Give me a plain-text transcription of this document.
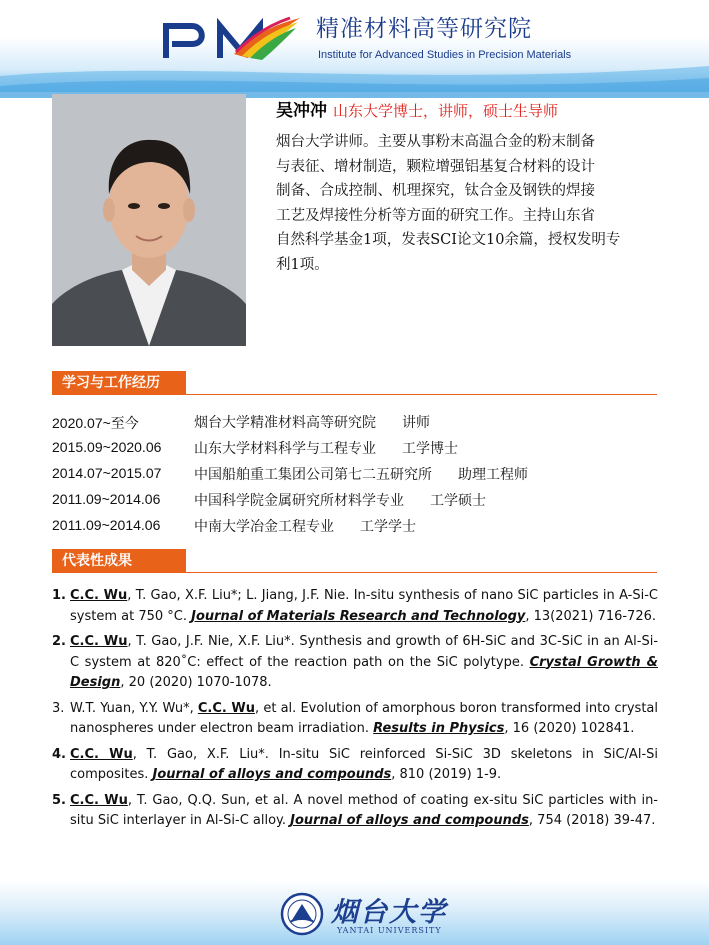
PM
精准材料高等研究院
Institute for Advanced Studies in Precision Materials
吴冲冲 山东大学博士，讲师，硕士生导师

烟台大学讲师。主要从事粉末高温合金的粉末制备

与表征、增材制造，颗粒增强铝基复合材料的设计

制备、合成控制、机理探究，钛合金及钢铁的焊接

工艺及焊接性分析等方面的研究工作。主持山东省

自然科学基金1项，发表SCI论文10余篇，授权发明专

利1项。

学习与工作经历
2020.07~至今	烟台大学精准材料高等研究院 讲师
2015.09~2020.06 山东大学材料科学与工程专业 工学博士
2014.07~2015.07 中国船舶重工集团公司第七二五研究所 助理工程师
2011.09~2014.06 中国科学院金属研究所材料学专业 工学硕士
2011.09~2014.06 中南大学冶金工程专业 工学学士
代表性成果
1. C.C. Wu, T. Gao, X.F. Liu*; L. Jiang, J.F. Nie. In-situ synthesis of nano SiC particles in A-Si-C system at 750 °C. Journal of Materials Research and Technology, 13(2021) 716-726.
2. C.C. Wu, T. Gao, J.F. Nie, X.F. Liu*. Synthesis and growth of 6H-SiC and 3C-SiC in an Al-Si-C system at 820˚C: effect of the reaction path on the SiC polytype. Crystal Growth & Design, 20 (2020) 1070-1078.
3. W.T. Yuan, Y.Y. Wu*, C.C. Wu, et al. Evolution of amorphous boron transformed into crystal nanospheres under electron beam irradiation. Results in Physics, 16 (2020) 102841.
4. C.C. Wu, T. Gao, X.F. Liu*. In-situ SiC reinforced Si-SiC 3D skeletons in SiC/Al-Si composites. Journal of alloys and compounds, 810 (2019) 1-9.
5. C.C. Wu, T. Gao, Q.Q. Sun, et al. A novel method of coating ex-situ SiC particles with in-situ SiC interlayer in Al-Si-C alloy. Journal of alloys and compounds, 754 (2018) 39-47.
烟台大学
YANTAI UNIVERSITY
